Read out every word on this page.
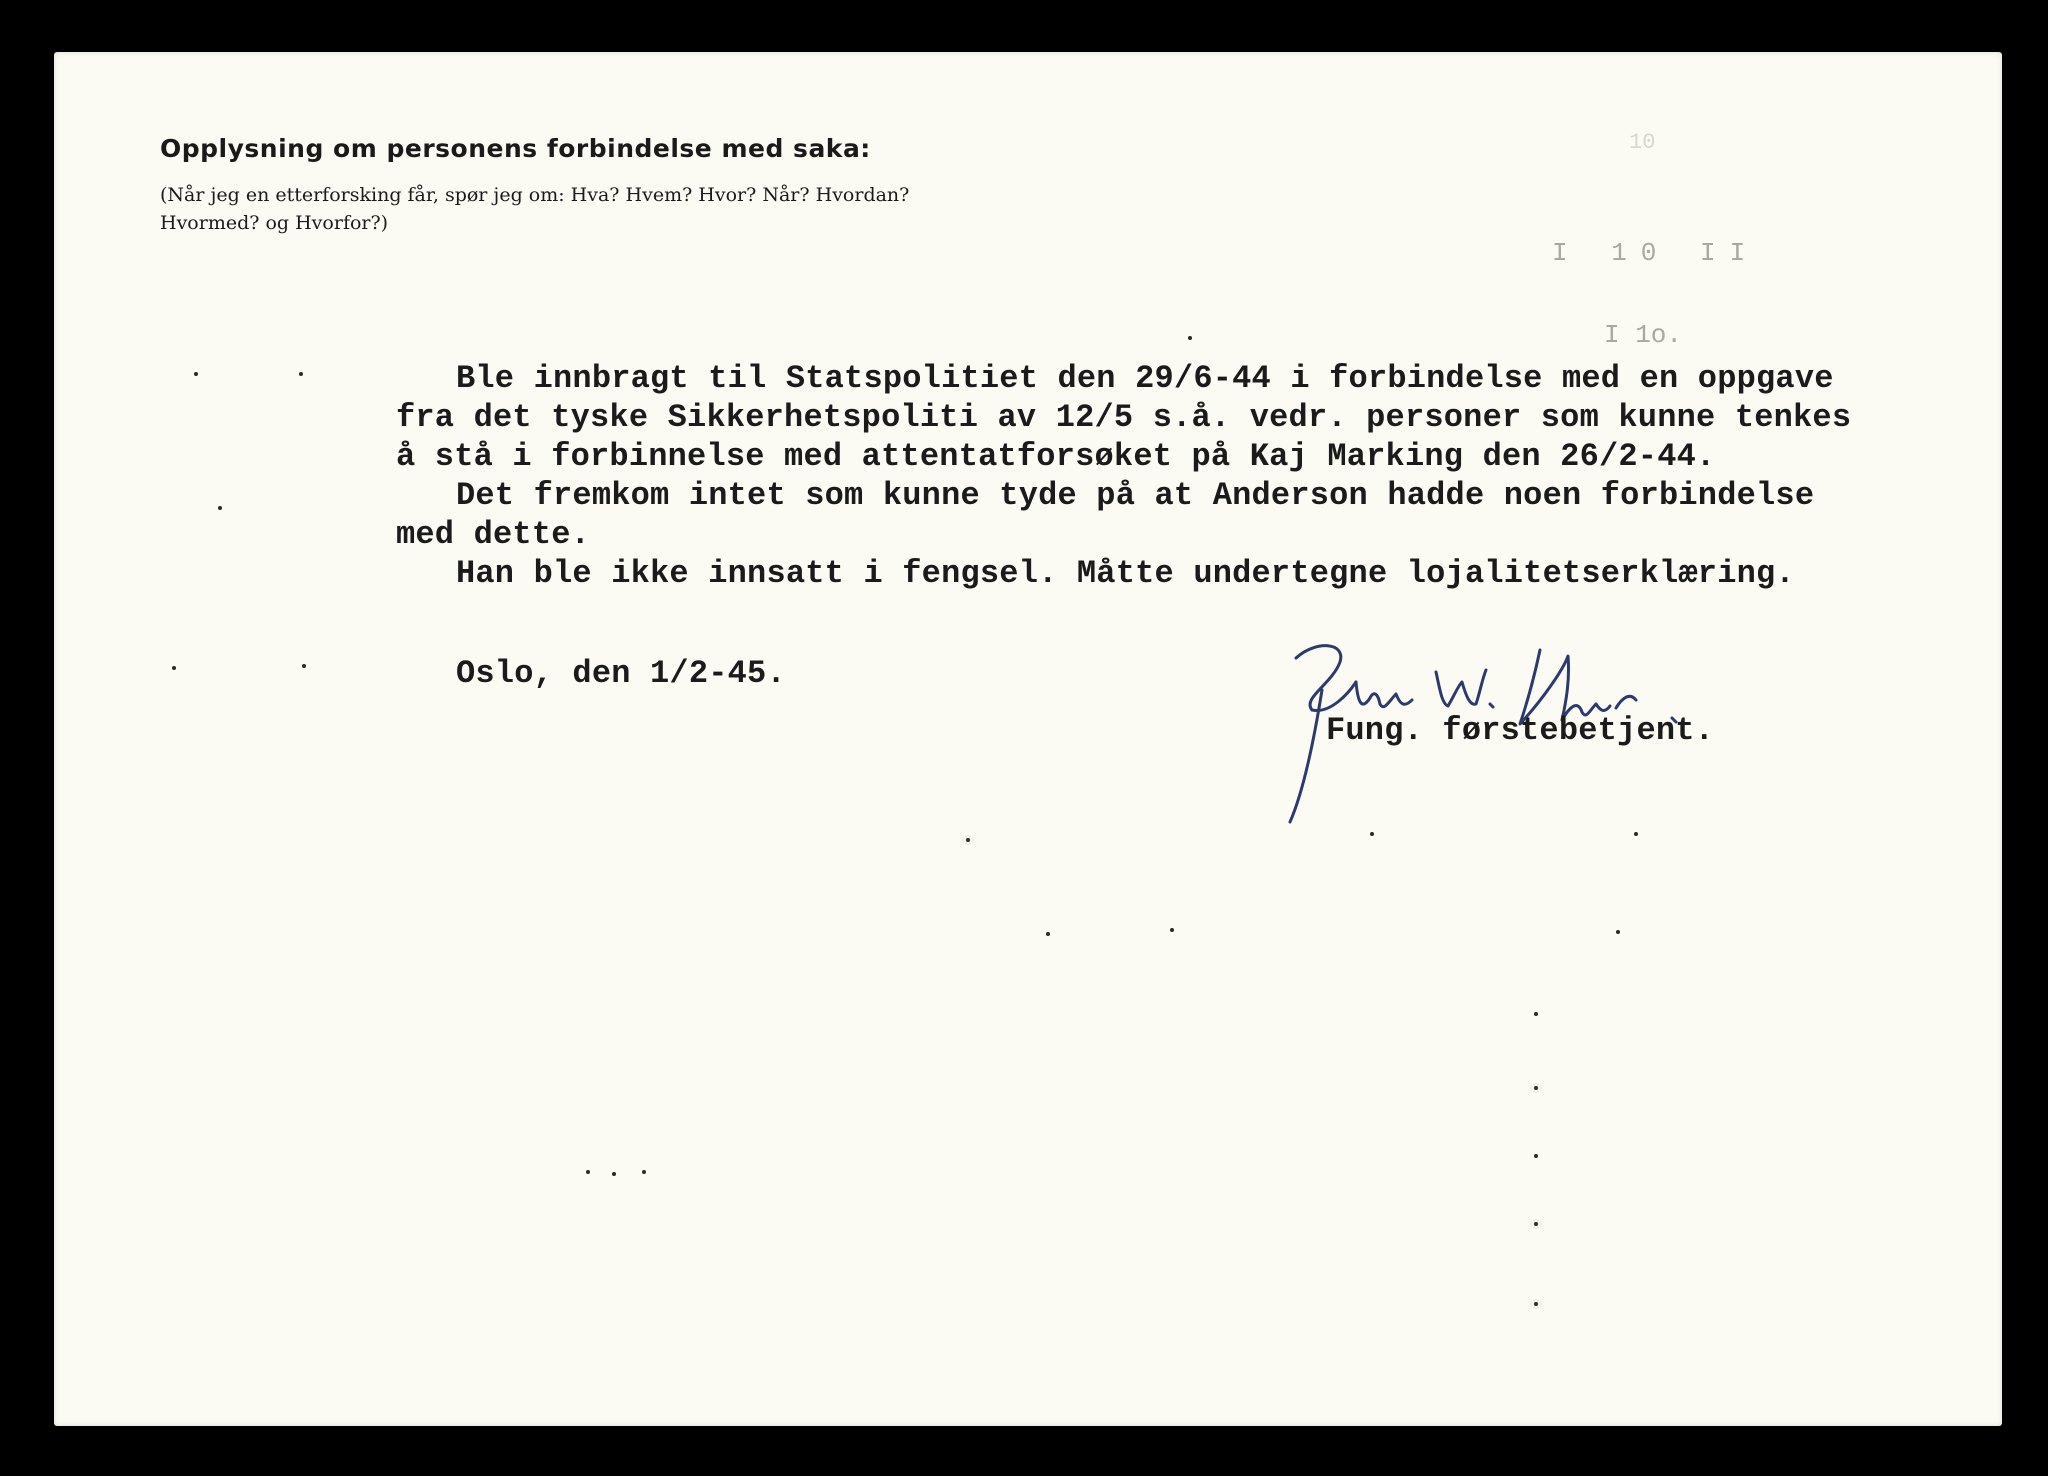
10
I 10 II
I 1o.
Opplysning om personens forbindelse med saka:

(Når jeg en etterforsking får, spør jeg om: Hva? Hvem? Hvor? Når? Hvordan?

Hvormed? og Hvorfor?)

Ble innbragt til Statspolitiet den 29/6-44 i forbindelse med en oppgave

fra det tyske Sikkerhetspoliti av 12/5 s.å. vedr. personer som kunne tenkes

å stå i forbinnelse med attentatforsøket på Kaj Marking den 26/2-44.

Det fremkom intet som kunne tyde på at Anderson hadde noen forbindelse

med dette.

Han ble ikke innsatt i fengsel. Måtte undertegne lojalitetserklæring.

Oslo, den 1/2-45.

Fung. førstebetjent.
